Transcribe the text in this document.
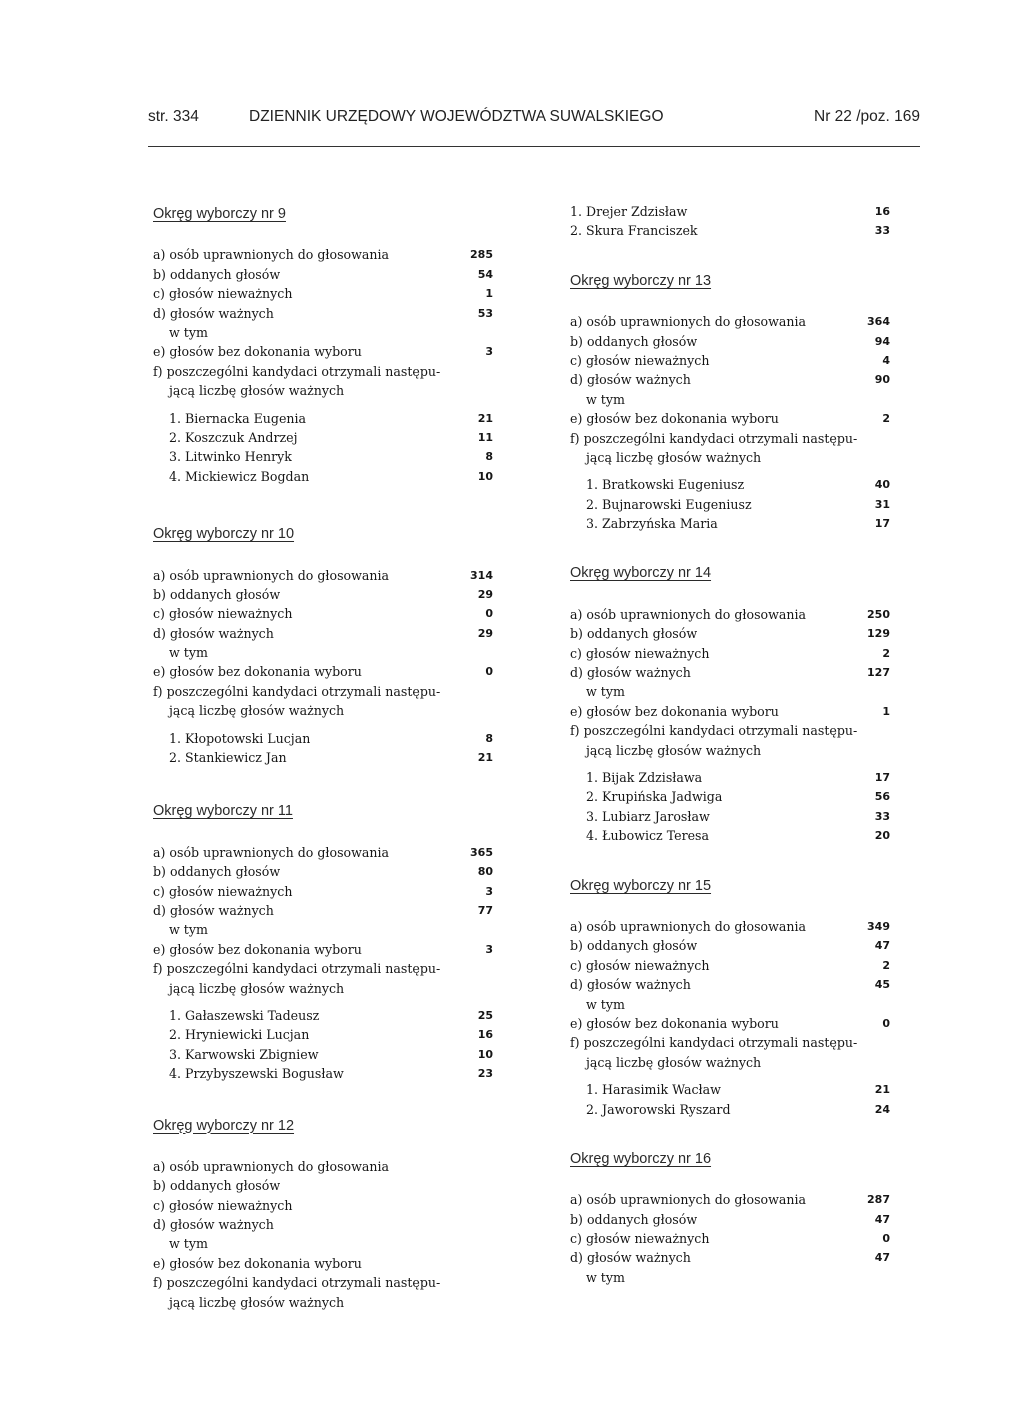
str. 334	DZIENNIK URZĘDOWY WOJEWÓDZTWA SUWALSKIEGO	Nr 22 /poz. 169
Okręg wyborczy nr 9
a) osób uprawnionych do głosowania	285
b) oddanych głosów	54
c) głosów nieważnych	1
d) głosów ważnych	53
w tym
e) głosów bez dokonania wyboru	3
f) poszczególni kandydaci otrzymali następu-
jącą liczbę głosów ważnych
1. Biernacka Eugenia	21
2. Koszczuk Andrzej	11
3. Litwinko Henryk	8
4. Mickiewicz Bogdan	10
Okręg wyborczy nr 10
a) osób uprawnionych do głosowania	314
b) oddanych głosów	29
c) głosów nieważnych	0
d) głosów ważnych	29
w tym
e) głosów bez dokonania wyboru	0
f) poszczególni kandydaci otrzymali następu-
jącą liczbę głosów ważnych
1. Kłopotowski Lucjan	8
2. Stankiewicz Jan	21
Okręg wyborczy nr 11
a) osób uprawnionych do głosowania	365
b) oddanych głosów	80
c) głosów nieważnych	3
d) głosów ważnych	77
w tym
e) głosów bez dokonania wyboru	3
f) poszczególni kandydaci otrzymali następu-
jącą liczbę głosów ważnych
1. Gałaszewski Tadeusz	25
2. Hryniewicki Lucjan	16
3. Karwowski Zbigniew	10
4. Przybyszewski Bogusław	23
Okręg wyborczy nr 12
a) osób uprawnionych do głosowania
b) oddanych głosów
c) głosów nieważnych
d) głosów ważnych
w tym
e) głosów bez dokonania wyboru
f) poszczególni kandydaci otrzymali następu-
jącą liczbę głosów ważnych
1. Drejer Zdzisław	16
2. Skura Franciszek	33
Okręg wyborczy nr 13
a) osób uprawnionych do głosowania	364
b) oddanych głosów	94
c) głosów nieważnych	4
d) głosów ważnych	90
w tym
e) głosów bez dokonania wyboru	2
f) poszczególni kandydaci otrzymali następu-
jącą liczbę głosów ważnych
1. Bratkowski Eugeniusz	40
2. Bujnarowski Eugeniusz	31
3. Zabrzyńska Maria	17
Okręg wyborczy nr 14
a) osób uprawnionych do głosowania	250
b) oddanych głosów	129
c) głosów nieważnych	2
d) głosów ważnych	127
w tym
e) głosów bez dokonania wyboru	1
f) poszczególni kandydaci otrzymali następu-
jącą liczbę głosów ważnych
1. Bijak Zdzisława	17
2. Krupińska Jadwiga	56
3. Lubiarz Jarosław	33
4. Łubowicz Teresa	20
Okręg wyborczy nr 15
a) osób uprawnionych do głosowania	349
b) oddanych głosów	47
c) głosów nieważnych	2
d) głosów ważnych	45
w tym
e) głosów bez dokonania wyboru	0
f) poszczególni kandydaci otrzymali następu-
jącą liczbę głosów ważnych
1. Harasimik Wacław	21
2. Jaworowski Ryszard	24
Okręg wyborczy nr 16
a) osób uprawnionych do głosowania	287
b) oddanych głosów	47
c) głosów nieważnych	0
d) głosów ważnych	47
w tym
